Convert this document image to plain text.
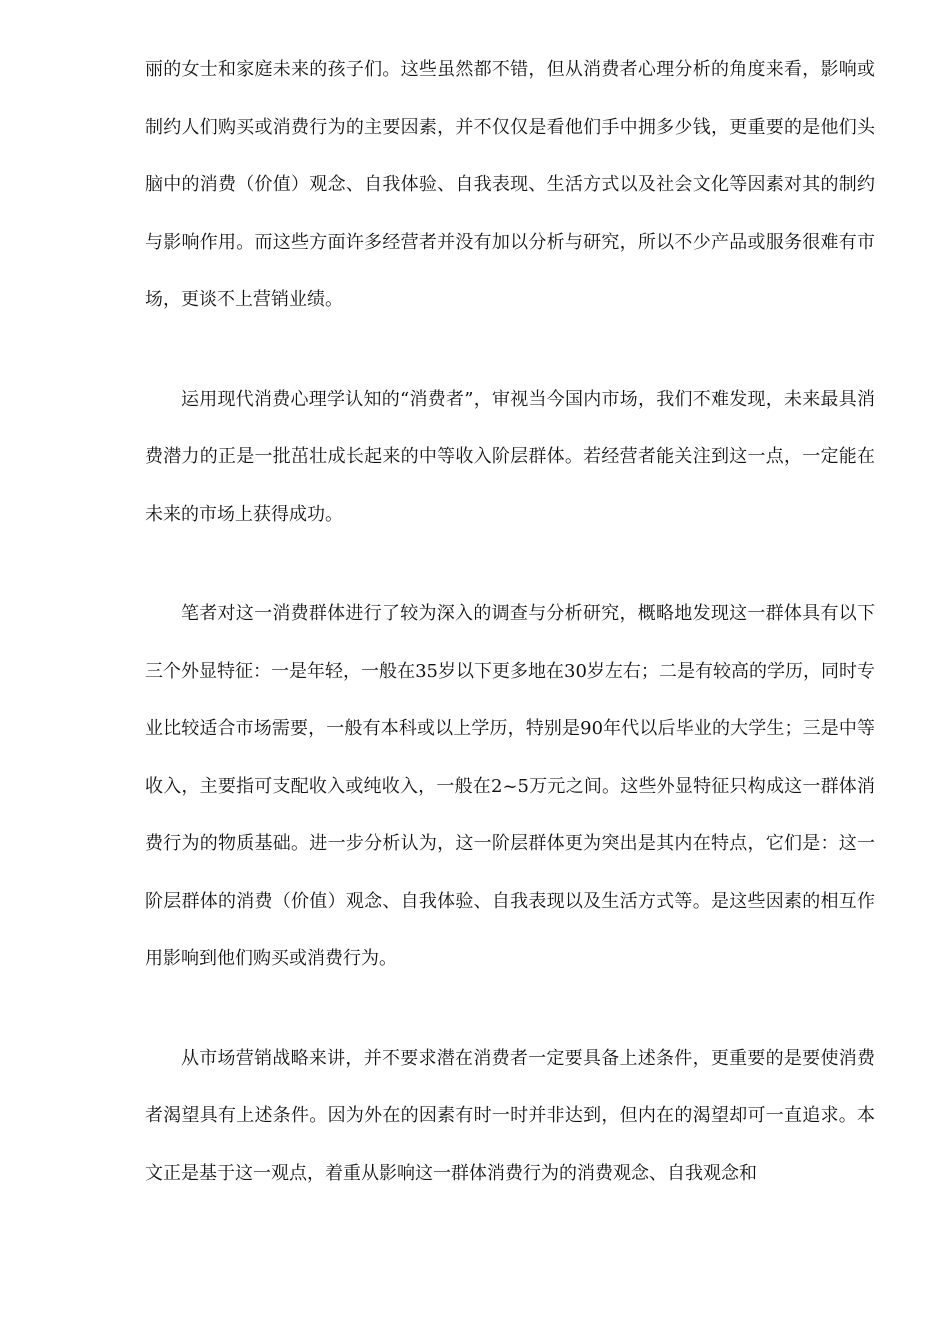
丽的女士和家庭未来的孩子们。这些虽然都不错，但从消费者心理分析的角度来看，影响或制约人们购买或消费行为的主要因素，并不仅仅是看他们手中拥多少钱，更重要的是他们头脑中的消费（价值）观念、自我体验、自我表现、生活方式以及社会文化等因素对其的制约与影响作用。而这些方面许多经营者并没有加以分析与研究，所以不少产品或服务很难有市场，更谈不上营销业绩。

运用现代消费心理学认知的“消费者”，审视当今国内市场，我们不难发现，未来最具消费潜力的正是一批茁壮成长起来的中等收入阶层群体。若经营者能关注到这一点，一定能在未来的市场上获得成功。

笔者对这一消费群体进行了较为深入的调查与分析研究，概略地发现这一群体具有以下三个外显特征：一是年轻，一般在35岁以下更多地在30岁左右；二是有较高的学历，同时专业比较适合市场需要，一般有本科或以上学历，特别是90年代以后毕业的大学生；三是中等收入，主要指可支配收入或纯收入，一般在2~5万元之间。这些外显特征只构成这一群体消费行为的物质基础。进一步分析认为，这一阶层群体更为突出是其内在特点，它们是：这一阶层群体的消费（价值）观念、自我体验、自我表现以及生活方式等。是这些因素的相互作用影响到他们购买或消费行为。

从市场营销战略来讲，并不要求潜在消费者一定要具备上述条件，更重要的是要使消费者渴望具有上述条件。因为外在的因素有时一时并非达到，但内在的渴望却可一直追求。本文正是基于这一观点，着重从影响这一群体消费行为的消费观念、自我观念和
